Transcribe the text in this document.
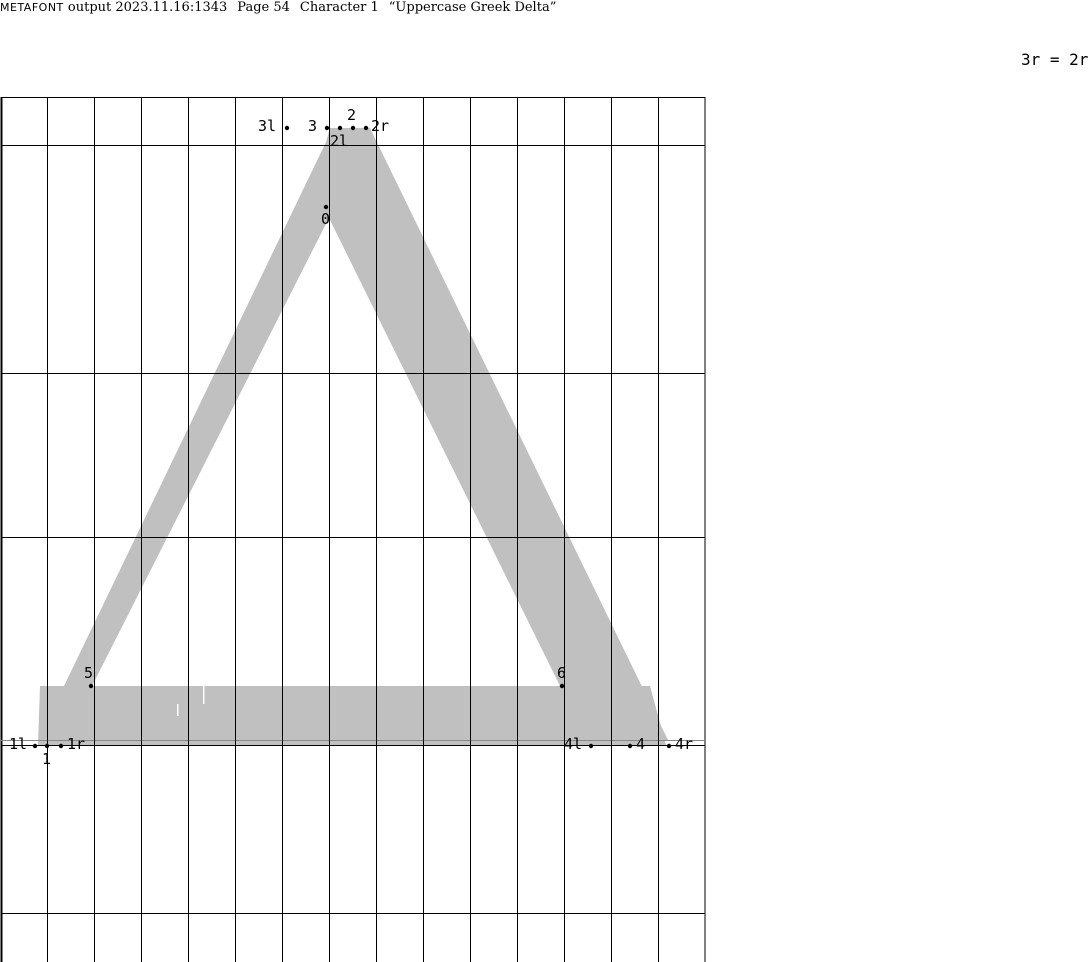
METAFONT output 2023.11.16:1343 Page 54 Character 1 “Uppercase Greek Delta”
3r = 2r
3l 3
2
2r
2l
0
5	6
1l
1
1r	4l	4 4r
